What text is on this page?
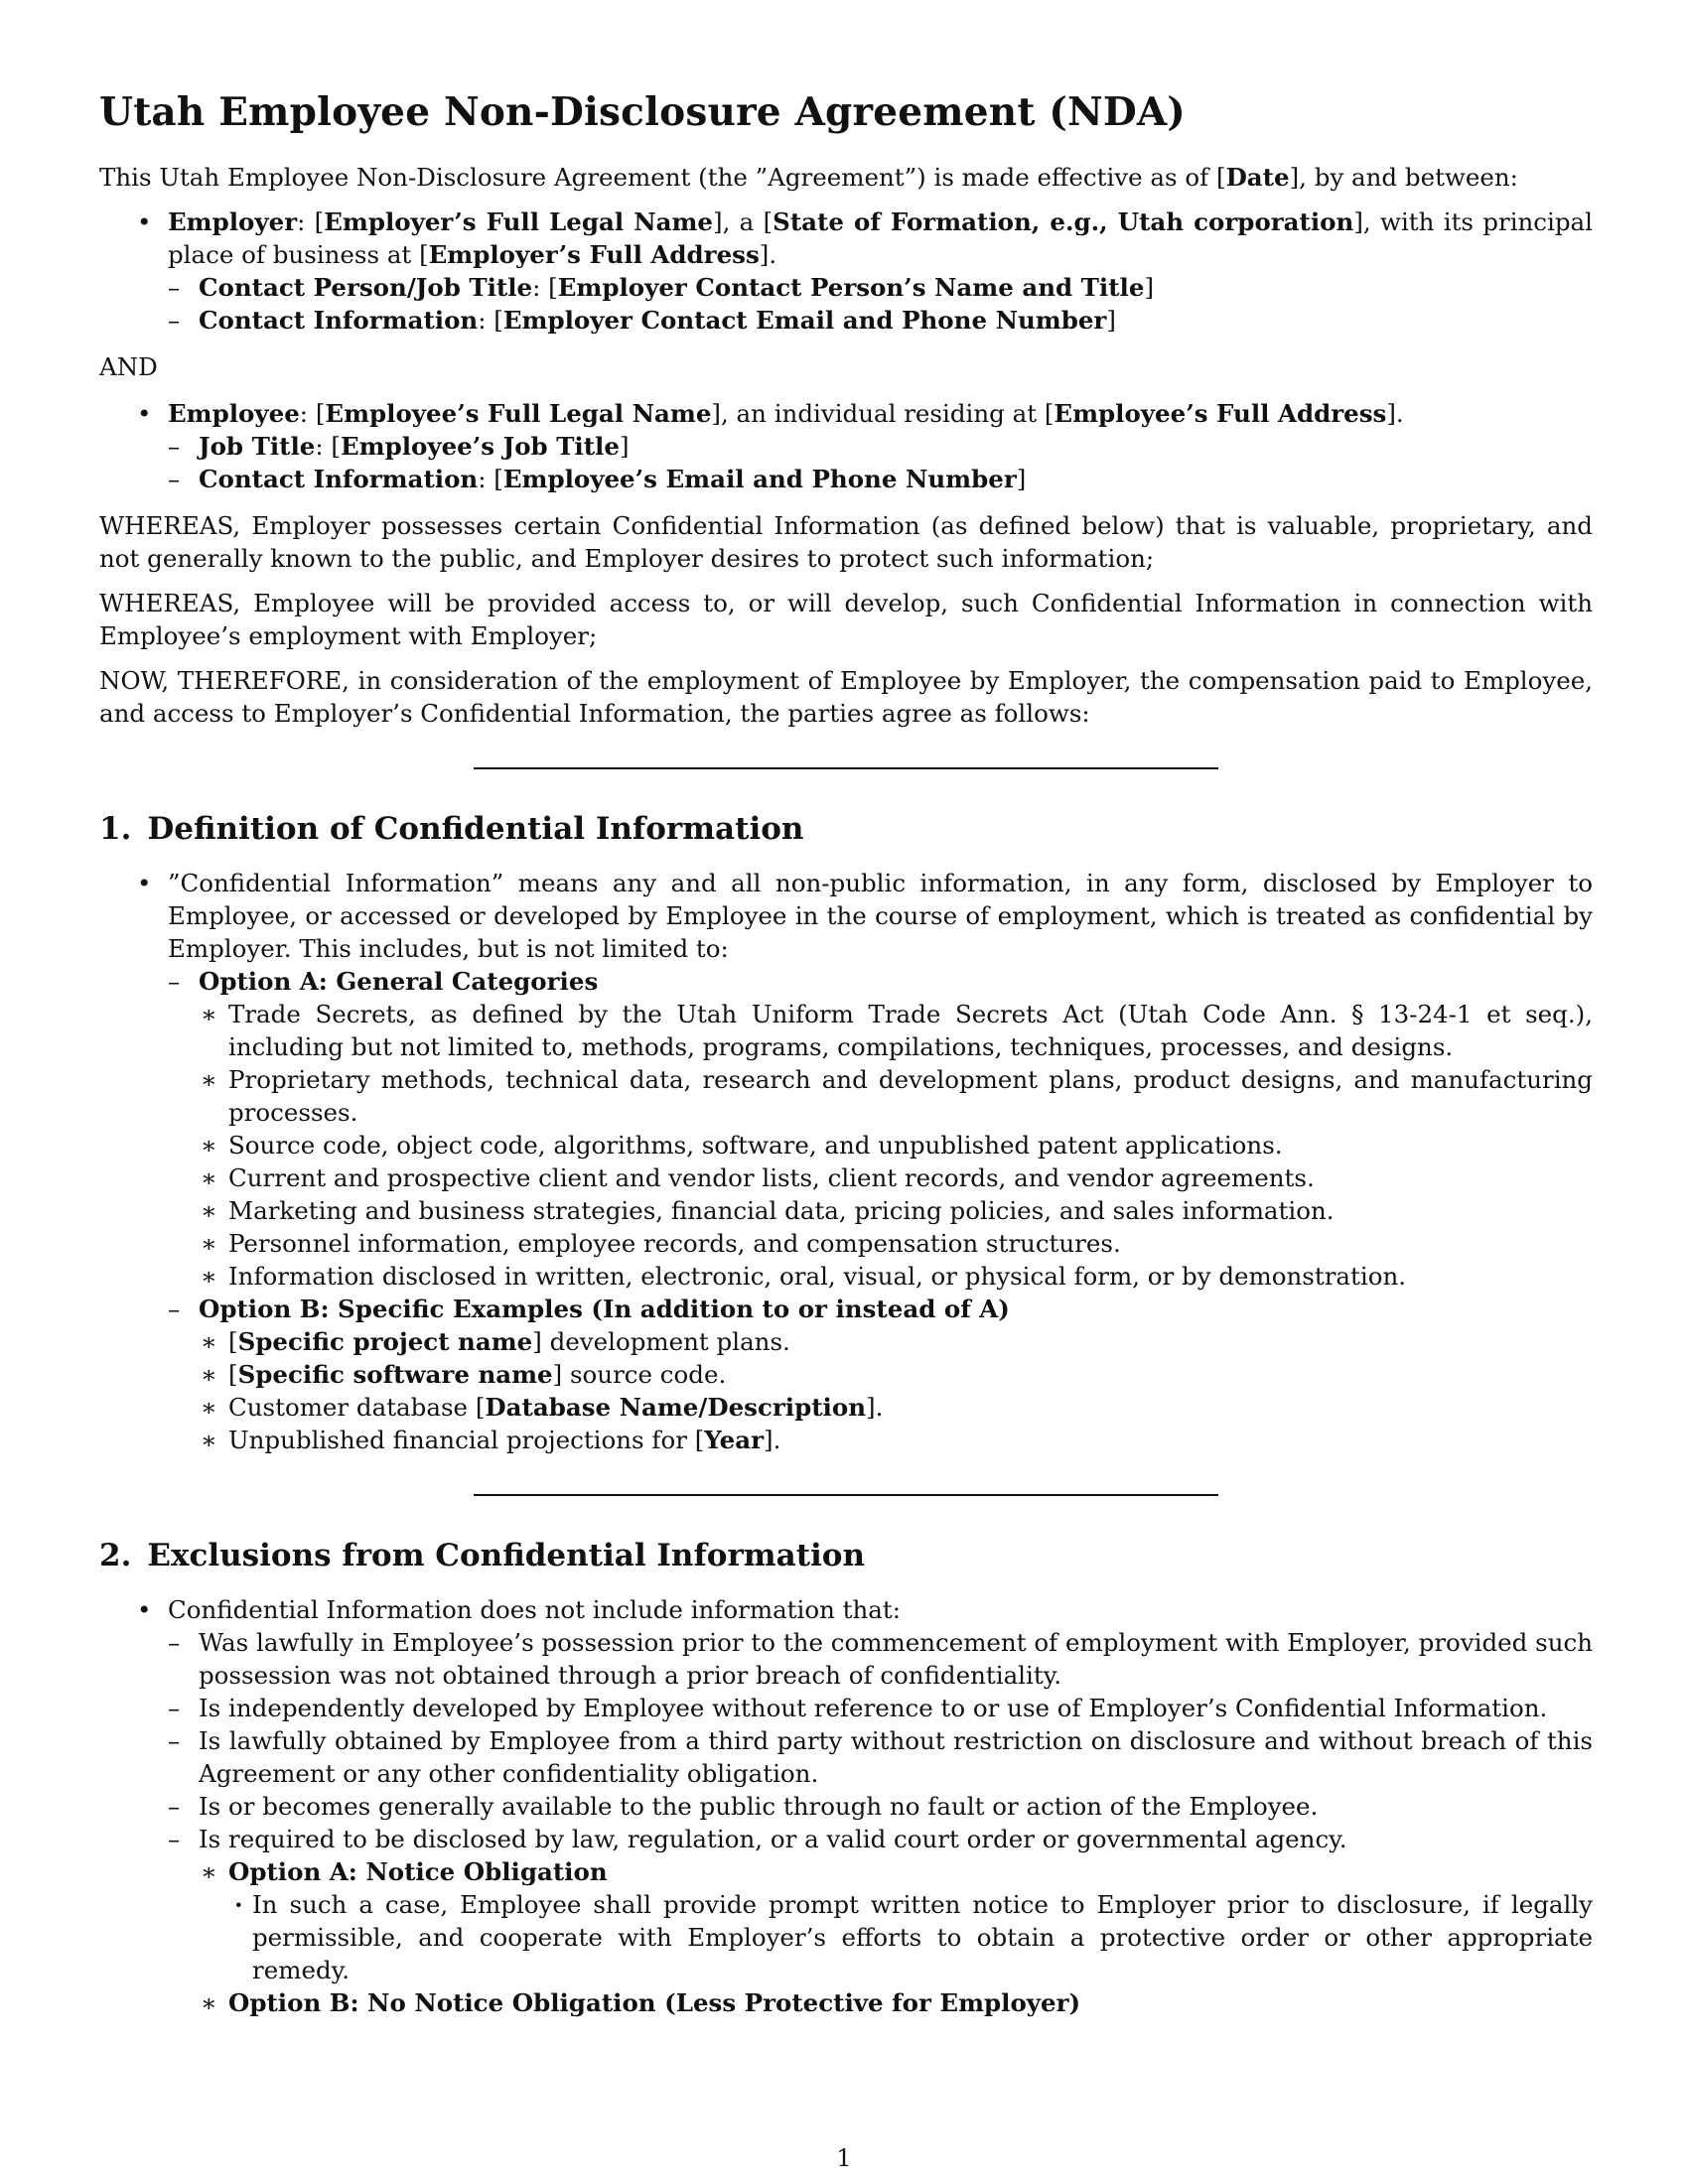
Utah Employee Non-Disclosure Agreement (NDA)

This Utah Employee Non-Disclosure Agreement (the ”Agreement”) is made effective as of [Date], by and between:

• Employer: [Employer’s Full Legal Name], a [State of Formation, e.g., Utah corporation], with its principal place of business at [Employer’s Full Address].
– Contact Person/Job Title: [Employer Contact Person’s Name and Title]
– Contact Information: [Employer Contact Email and Phone Number]
AND
• Employee: [Employee’s Full Legal Name], an individual residing at [Employee’s Full Address].
– Job Title: [Employee’s Job Title]
– Contact Information: [Employee’s Email and Phone Number]

WHEREAS, Employer possesses certain Confidential Information (as defined below) that is valuable, proprietary, and not generally known to the public, and Employer desires to protect such information;

WHEREAS, Employee will be provided access to, or will develop, such Confidential Information in connection with Employee’s employment with Employer;

NOW, THEREFORE, in consideration of the employment of Employee by Employer, the compensation paid to Employee, and access to Employer’s Confidential Information, the parties agree as follows:

1. Definition of Confidential Information
• ”Confidential Information” means any and all non-public information, in any form, disclosed by Employer to Employee, or accessed or developed by Employee in the course of employment, which is treated as confidential by Employer. This includes, but is not limited to:
– Option A: General Categories
∗ Trade Secrets, as defined by the Utah Uniform Trade Secrets Act (Utah Code Ann. § 13-24-1 et seq.), including but not limited to, methods, programs, compilations, techniques, processes, and designs.
∗ Proprietary methods, technical data, research and development plans, product designs, and manufacturing processes.
∗ Source code, object code, algorithms, software, and unpublished patent applications.
∗ Current and prospective client and vendor lists, client records, and vendor agreements.
∗ Marketing and business strategies, financial data, pricing policies, and sales information.
∗ Personnel information, employee records, and compensation structures.
∗ Information disclosed in written, electronic, oral, visual, or physical form, or by demonstration.
– Option B: Specific Examples (In addition to or instead of A)
∗ [Specific project name] development plans.
∗ [Specific software name] source code.
∗ Customer database [Database Name/Description].
∗ Unpublished financial projections for [Year].
2. Exclusions from Confidential Information
• Confidential Information does not include information that:
– Was lawfully in Employee’s possession prior to the commencement of employment with Employer, provided such possession was not obtained through a prior breach of confidentiality.
– Is independently developed by Employee without reference to or use of Employer’s Confidential Information.
– Is lawfully obtained by Employee from a third party without restriction on disclosure and without breach of this Agreement or any other confidentiality obligation.
– Is or becomes generally available to the public through no fault or action of the Employee.
– Is required to be disclosed by law, regulation, or a valid court order or governmental agency.
∗ Option A: Notice Obligation
· In such a case, Employee shall provide prompt written notice to Employer prior to disclosure, if legally permissible, and cooperate with Employer’s efforts to obtain a protective order or other appropriate remedy.
∗ Option B: No Notice Obligation (Less Protective for Employer)
1
